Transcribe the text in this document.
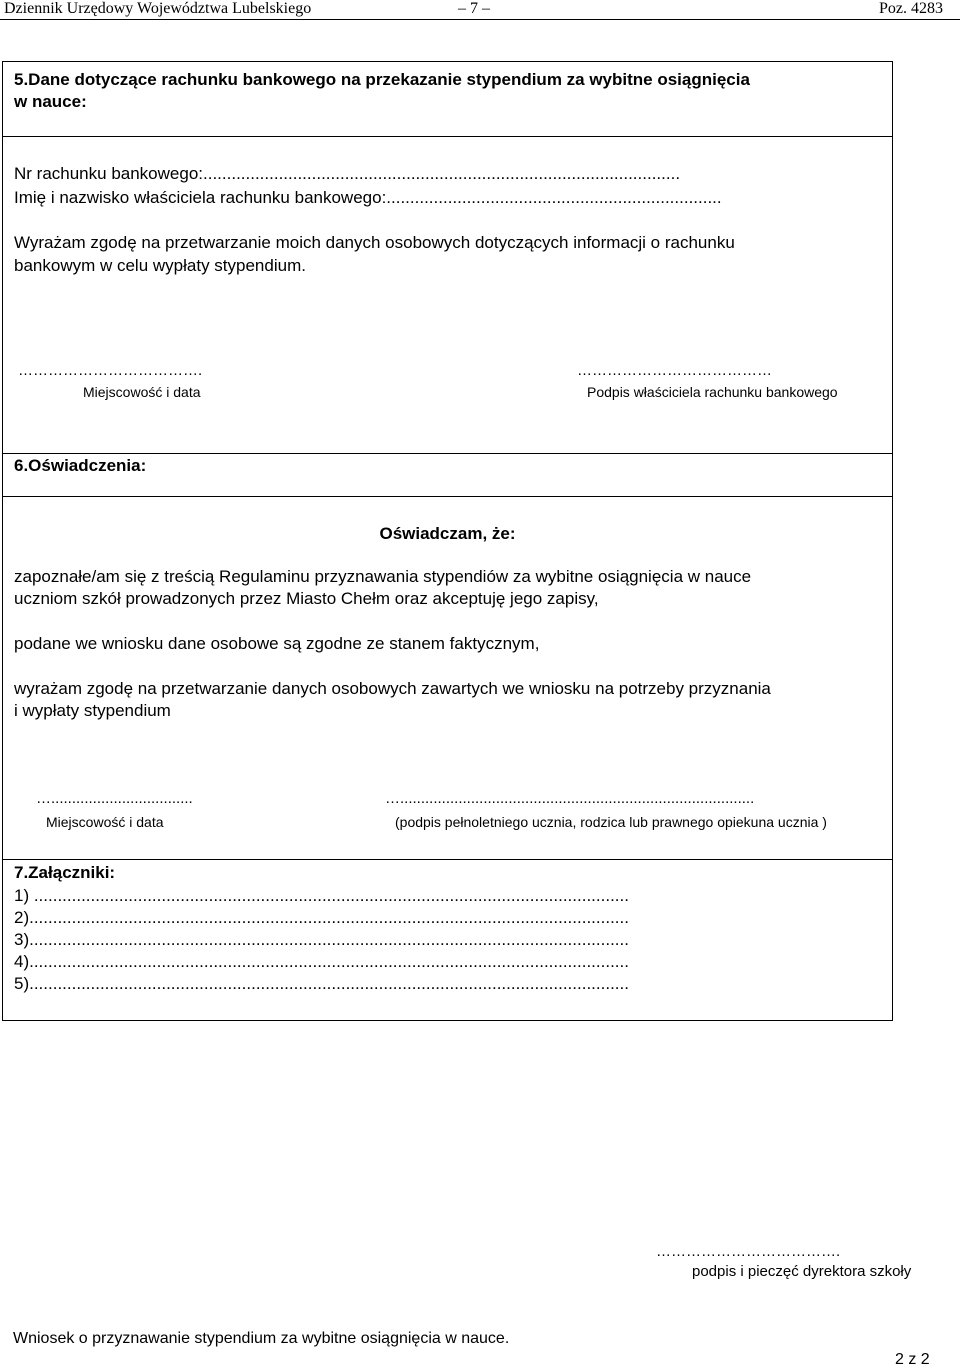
Dziennik Urzędowy Województwa Lubelskiego	– 7 –	Poz. 4283
5.Dane dotyczące rachunku bankowego na przekazanie stypendium za wybitne osiągnięcia
w nauce:
Nr rachunku bankowego:.....................................................................................................
Imię i nazwisko właściciela rachunku bankowego:.......................................................................
Wyrażam zgodę na przetwarzanie moich danych osobowych dotyczących informacji o rachunku
bankowym w celu wypłaty stypendium.
……………………………….
Miejscowość i data
…………………………………
Podpis właściciela rachunku bankowego
6.Oświadczenia:
Oświadczam, że:
zapoznałe/am się z treścią Regulaminu przyznawania stypendiów za wybitne osiągnięcia w nauce
uczniom szkół prowadzonych przez Miasto Chełm oraz akceptuję jego zapisy,
podane we wniosku dane osobowe są zgodne ze stanem faktycznym,
wyrażam zgodę na przetwarzanie danych osobowych zawartych we wniosku na potrzeby przyznania
i wypłaty stypendium
…..................................
Miejscowość i data
….....................................................................................
(podpis pełnoletniego ucznia, rodzica lub prawnego opiekuna ucznia )
7.Załączniki:
1) ..............................................................................................................................
2)...............................................................................................................................
3)...............................................................................................................................
4)...............................................................................................................................
5)...............................................................................................................................
……………………………….
podpis i pieczęć dyrektora szkoły
Wniosek o przyznawanie stypendium za wybitne osiągnięcia w nauce.
2 z 2
